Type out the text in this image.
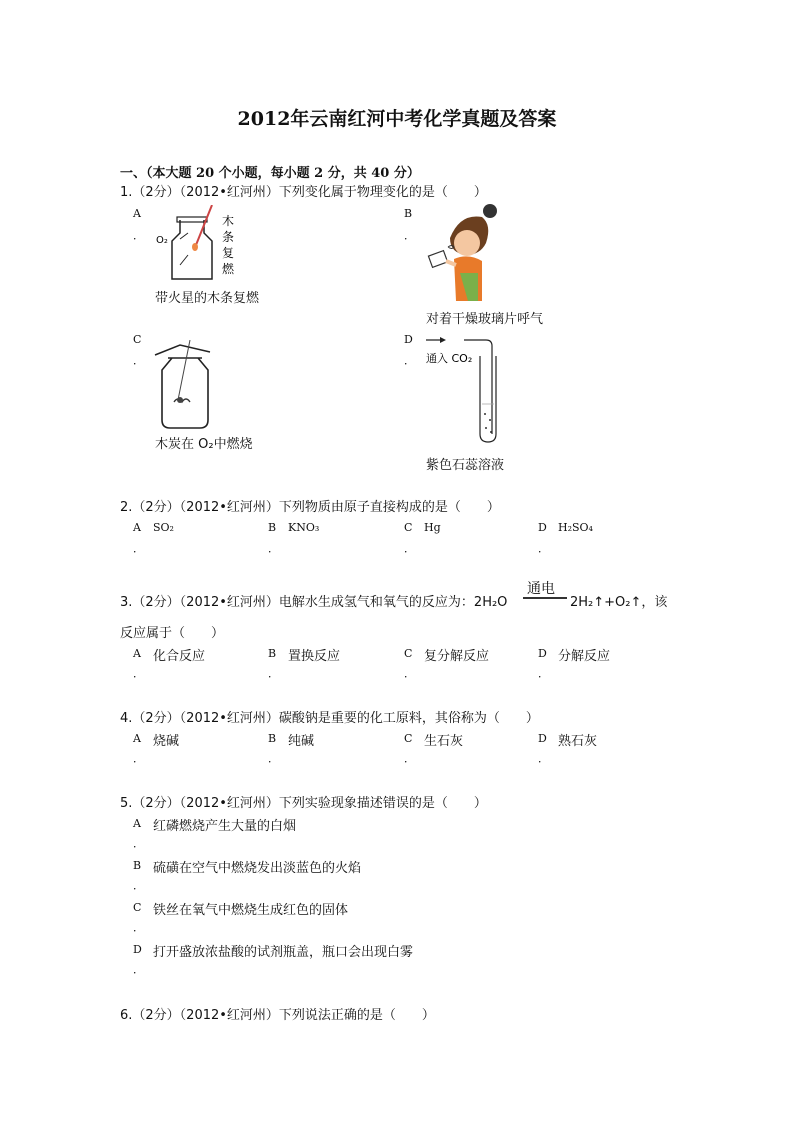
2012年云南红河中考化学真题及答案
一、（本大题 20 个小题，每小题 2 分，共 40 分）
1.（2分）（2012•红河州）下列变化属于物理变化的是（　　）
A
． O₂
木
条
复
燃
带火星的木条复燃
B
．
对着干燥玻璃片呼气
C
．
木炭在 O₂中燃烧
D
． 通入 CO₂
紫色石蕊溶液
2.（2分）（2012•红河州）下列物质由原子直接构成的是（　　）
A SO₂
．
B KNO₃
．
C Hg
．
D H₂SO₄
．
3.（2分）（2012•红河州）电解水生成氢气和氧气的反应为：2H₂O
通电
2H₂↑+O₂↑，该
反应属于（　　）
A 化合反应
．
B 置换反应
．
C 复分解反应
．
D 分解反应
．
4.（2分）（2012•红河州）碳酸钠是重要的化工原料，其俗称为（　　）
A 烧碱
．
B 纯碱
．
C 生石灰
．
D 熟石灰
．
5.（2分）（2012•红河州）下列实验现象描述错误的是（　　）
A 红磷燃烧产生大量的白烟
．
B 硫磺在空气中燃烧发出淡蓝色的火焰
．
C 铁丝在氧气中燃烧生成红色的固体
．
D 打开盛放浓盐酸的试剂瓶盖，瓶口会出现白雾
．
6.（2分）（2012•红河州）下列说法正确的是（　　）
